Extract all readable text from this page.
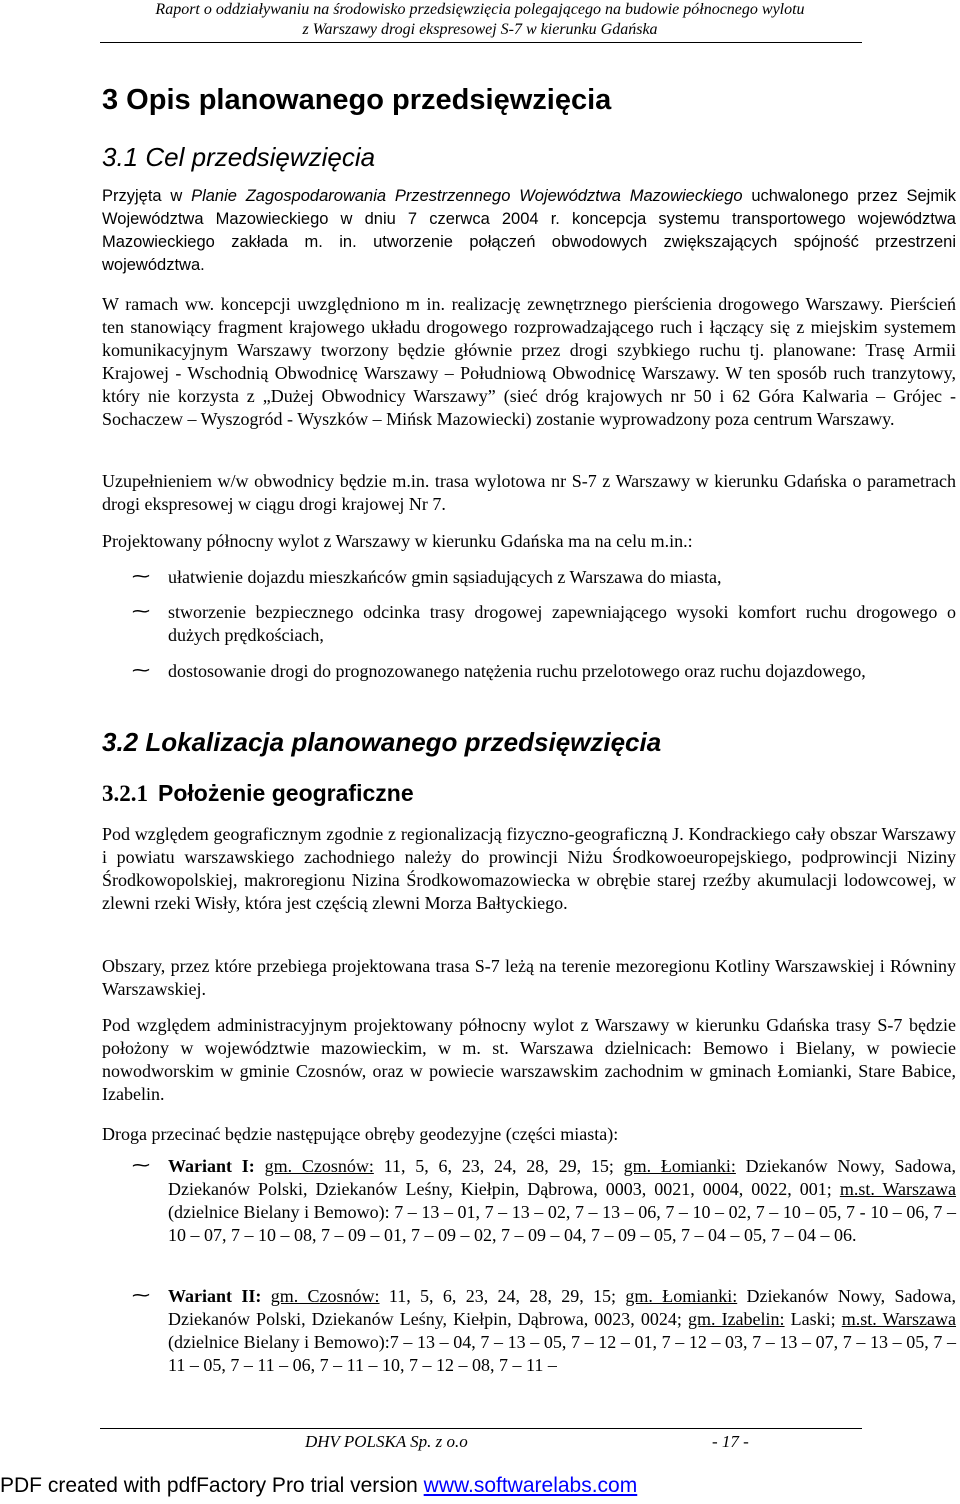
Raport o oddziaływaniu na środowisko przedsięwzięcia polegającego na budowie północnego wylotu
z Warszawy drogi ekspresowej S-7 w kierunku Gdańska
3 Opis planowanego przedsięwzięcia
3.1 Cel przedsięwzięcia
Przyjęta w Planie Zagospodarowania Przestrzennego Województwa Mazowieckiego uchwalonego przez Sejmik Województwa Mazowieckiego w dniu 7 czerwca 2004 r. koncepcja systemu transportowego województwa Mazowieckiego zakłada m. in. utworzenie połączeń obwodowych zwiększających spójność przestrzeni województwa.
W ramach ww. koncepcji uwzględniono m in. realizację zewnętrznego pierścienia drogowego Warszawy. Pierścień ten stanowiący fragment krajowego układu drogowego rozprowadzającego ruch i łączący się z miejskim systemem komunikacyjnym Warszawy tworzony będzie głównie przez drogi szybkiego ruchu tj. planowane: Trasę Armii Krajowej - Wschodnią Obwodnicę Warszawy – Południową Obwodnicę Warszawy. W ten sposób ruch tranzytowy, który nie korzysta z „Dużej Obwodnicy Warszawy” (sieć dróg krajowych nr 50 i 62 Góra Kalwaria – Grójec - Sochaczew – Wyszogród - Wyszków – Mińsk Mazowiecki) zostanie wyprowadzony poza centrum Warszawy.
Uzupełnieniem w/w obwodnicy będzie m.in. trasa wylotowa nr S-7 z Warszawy w kierunku Gdańska o parametrach drogi ekspresowej w ciągu drogi krajowej Nr 7.
Projektowany północny wylot z Warszawy w kierunku Gdańska ma na celu m.in.:
⁓ ułatwienie dojazdu mieszkańców gmin sąsiadujących z Warszawa do miasta,
⁓ stworzenie bezpiecznego odcinka trasy drogowej zapewniającego wysoki komfort ruchu drogowego o dużych prędkościach,
⁓ dostosowanie drogi do prognozowanego natężenia ruchu przelotowego oraz ruchu dojazdowego,
3.2 Lokalizacja planowanego przedsięwzięcia
3.2.1 Położenie geograficzne
Pod względem geograficznym zgodnie z regionalizacją fizyczno-geograficzną J. Kondrackiego cały obszar Warszawy i powiatu warszawskiego zachodniego należy do prowincji Niżu Środkowoeuropejskiego, podprowincji Niziny Środkowopolskiej, makroregionu Nizina Środkowomazowiecka w obrębie starej rzeźby akumulacji lodowcowej, w zlewni rzeki Wisły, która jest częścią zlewni Morza Bałtyckiego.
Obszary, przez które przebiega projektowana trasa S-7 leżą na terenie mezoregionu Kotliny Warszawskiej i Równiny Warszawskiej.
Pod względem administracyjnym projektowany północny wylot z Warszawy w kierunku Gdańska trasy S-7 będzie położony w województwie mazowieckim, w m. st. Warszawa dzielnicach: Bemowo i Bielany, w powiecie nowodworskim w gminie Czosnów, oraz w powiecie warszawskim zachodnim w gminach Łomianki, Stare Babice, Izabelin.
Droga przecinać będzie następujące obręby geodezyjne (części miasta):
⁓ Wariant I: gm. Czosnów: 11, 5, 6, 23, 24, 28, 29, 15; gm. Łomianki: Dziekanów Nowy, Sadowa, Dziekanów Polski, Dziekanów Leśny, Kiełpin, Dąbrowa, 0003, 0021, 0004, 0022, 001; m.st. Warszawa (dzielnice Bielany i Bemowo): 7 – 13 – 01, 7 – 13 – 02, 7 – 13 – 06, 7 – 10 – 02, 7 – 10 – 05, 7 - 10 – 06, 7 – 10 – 07, 7 – 10 – 08, 7 – 09 – 01, 7 – 09 – 02, 7 – 09 – 04, 7 – 09 – 05, 7 – 04 – 05, 7 – 04 – 06.
⁓ Wariant II: gm. Czosnów: 11, 5, 6, 23, 24, 28, 29, 15; gm. Łomianki: Dziekanów Nowy, Sadowa, Dziekanów Polski, Dziekanów Leśny, Kiełpin, Dąbrowa, 0023, 0024; gm. Izabelin: Laski; m.st. Warszawa (dzielnice Bielany i Bemowo):7 – 13 – 04, 7 – 13 – 05, 7 – 12 – 01, 7 – 12 – 03, 7 – 13 – 07, 7 – 13 – 05, 7 – 11 – 05, 7 – 11 – 06, 7 – 11 – 10, 7 – 12 – 08, 7 – 11 –
DHV POLSKA Sp. z o.o	- 17 -
PDF created with pdfFactory Pro trial version www.softwarelabs.com
